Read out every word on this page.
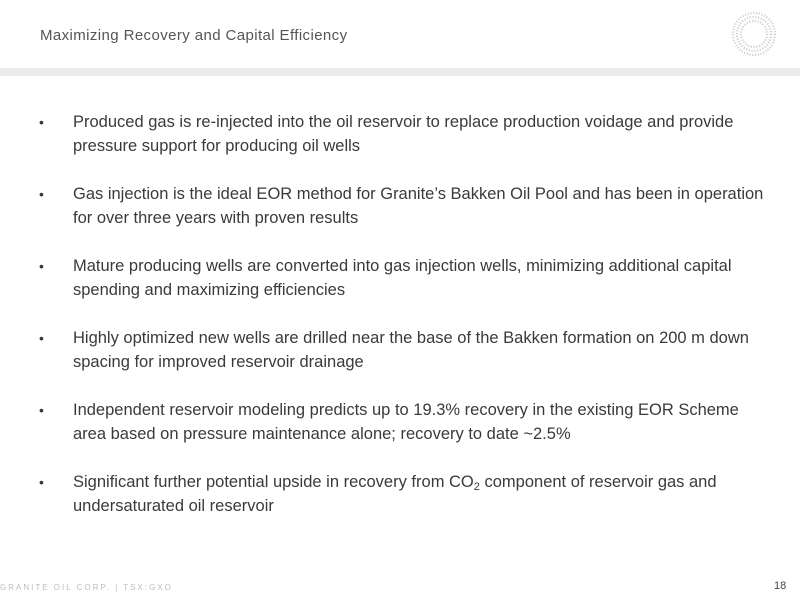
Maximizing Recovery and Capital Efficiency
• Produced gas is re-injected into the oil reservoir to replace production voidage and provide pressure support for producing oil wells
• Gas injection is the ideal EOR method for Granite’s Bakken Oil Pool and has been in operation for over three years with proven results
• Mature producing wells are converted into gas injection wells, minimizing additional capital spending and maximizing efficiencies
• Highly optimized new wells are drilled near the base of the Bakken formation on 200 m down spacing for improved reservoir drainage
• Independent reservoir modeling predicts up to 19.3% recovery in the existing EOR Scheme area based on pressure maintenance alone; recovery to date ~2.5%
• Significant further potential upside in recovery from $CO_2$ component of reservoir gas and undersaturated oil reservoir
GRANITE OIL CORP. | TSX:GXO	18
